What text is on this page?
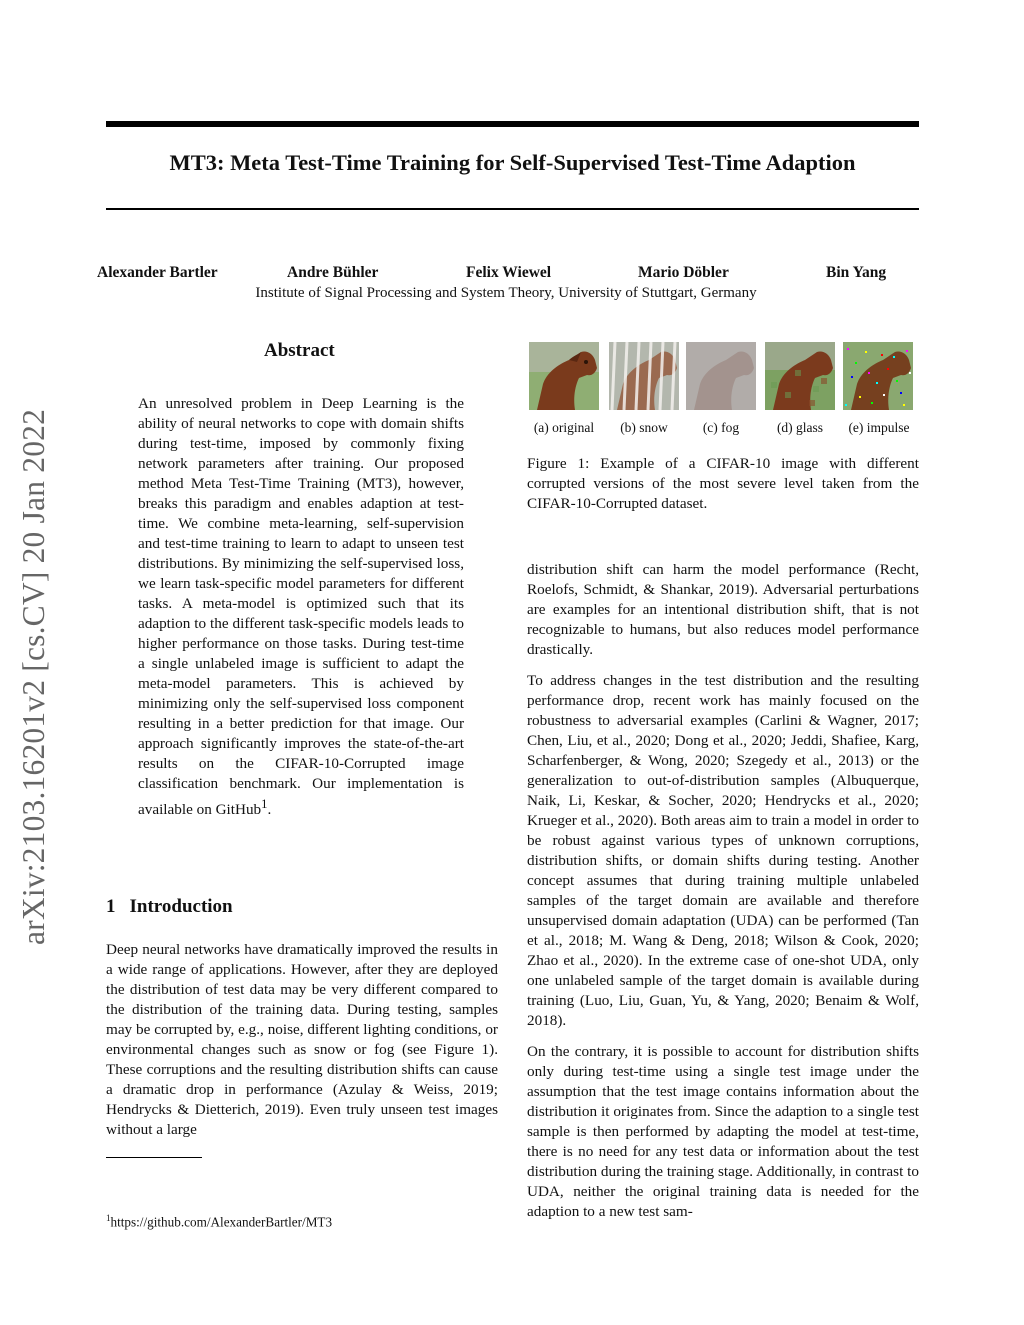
MT3: Meta Test-Time Training for Self-Supervised Test-Time Adaption
Alexander Bartler	Andre Bühler	Felix Wiewel	Mario Döbler	Bin Yang
Institute of Signal Processing and System Theory, University of Stuttgart, Germany
arXiv:2103.16201v2 [cs.CV] 20 Jan 2022
Abstract

An unresolved problem in Deep Learning is the ability of neural networks to cope with domain shifts during test-time, imposed by commonly fixing network parameters after training. Our proposed method Meta Test-Time Training (MT3), however, breaks this paradigm and enables adaption at test-time. We combine meta-learning, self-supervision and test-time training to learn to adapt to unseen test distributions. By minimizing the self-supervised loss, we learn task-specific model parameters for different tasks. A meta-model is optimized such that its adaption to the different task-specific models leads to higher performance on those tasks. During test-time a single unlabeled image is sufficient to adapt the meta-model parameters. This is achieved by minimizing only the self-supervised loss component resulting in a better prediction for that image. Our approach significantly improves the state-of-the-art results on the CIFAR-10-Corrupted image classification benchmark. Our implementation is available on GitHub$^1$.

1 Introduction

Deep neural networks have dramatically improved the results in a wide range of applications. However, after they are deployed the distribution of test data may be very different compared to the distribution of the training data. During testing, samples may be corrupted by, e.g., noise, different lighting conditions, or environmental changes such as snow or fog (see Figure 1). These corruptions and the resulting distribution shifts can cause a dramatic drop in performance (Azulay & Weiss, 2019; Hendrycks & Dietterich, 2019). Even truly unseen test images without a large

$^1$https://github.com/AlexanderBartler/MT3
(a) original	(b) snow	(c) fog	(d) glass	(e) impulse

Figure 1: Example of a CIFAR-10 image with different corrupted versions of the most severe level taken from the CIFAR-10-Corrupted dataset.

distribution shift can harm the model performance (Recht, Roelofs, Schmidt, & Shankar, 2019). Adversarial perturbations are examples for an intentional distribution shift, that is not recognizable to humans, but also reduces model performance drastically.

To address changes in the test distribution and the resulting performance drop, recent work has mainly focused on the robustness to adversarial examples (Carlini & Wagner, 2017; Chen, Liu, et al., 2020; Dong et al., 2020; Jeddi, Shafiee, Karg, Scharfenberger, & Wong, 2020; Szegedy et al., 2013) or the generalization to out-of-distribution samples (Albuquerque, Naik, Li, Keskar, & Socher, 2020; Hendrycks et al., 2020; Krueger et al., 2020). Both areas aim to train a model in order to be robust against various types of unknown corruptions, distribution shifts, or domain shifts during testing. Another concept assumes that during training multiple unlabeled samples of the target domain are available and therefore unsupervised domain adaptation (UDA) can be performed (Tan et al., 2018; M. Wang & Deng, 2018; Wilson & Cook, 2020; Zhao et al., 2020). In the extreme case of one-shot UDA, only one unlabeled sample of the target domain is available during training (Luo, Liu, Guan, Yu, & Yang, 2020; Benaim & Wolf, 2018).

On the contrary, it is possible to account for distribution shifts only during test-time using a single test image under the assumption that the test image contains information about the distribution it originates from. Since the adaption to a single test sample is then performed by adapting the model at test-time, there is no need for any test data or information about the test distribution during the training stage. Additionally, in contrast to UDA, neither the original training data is needed for the adaption to a new test sam-
